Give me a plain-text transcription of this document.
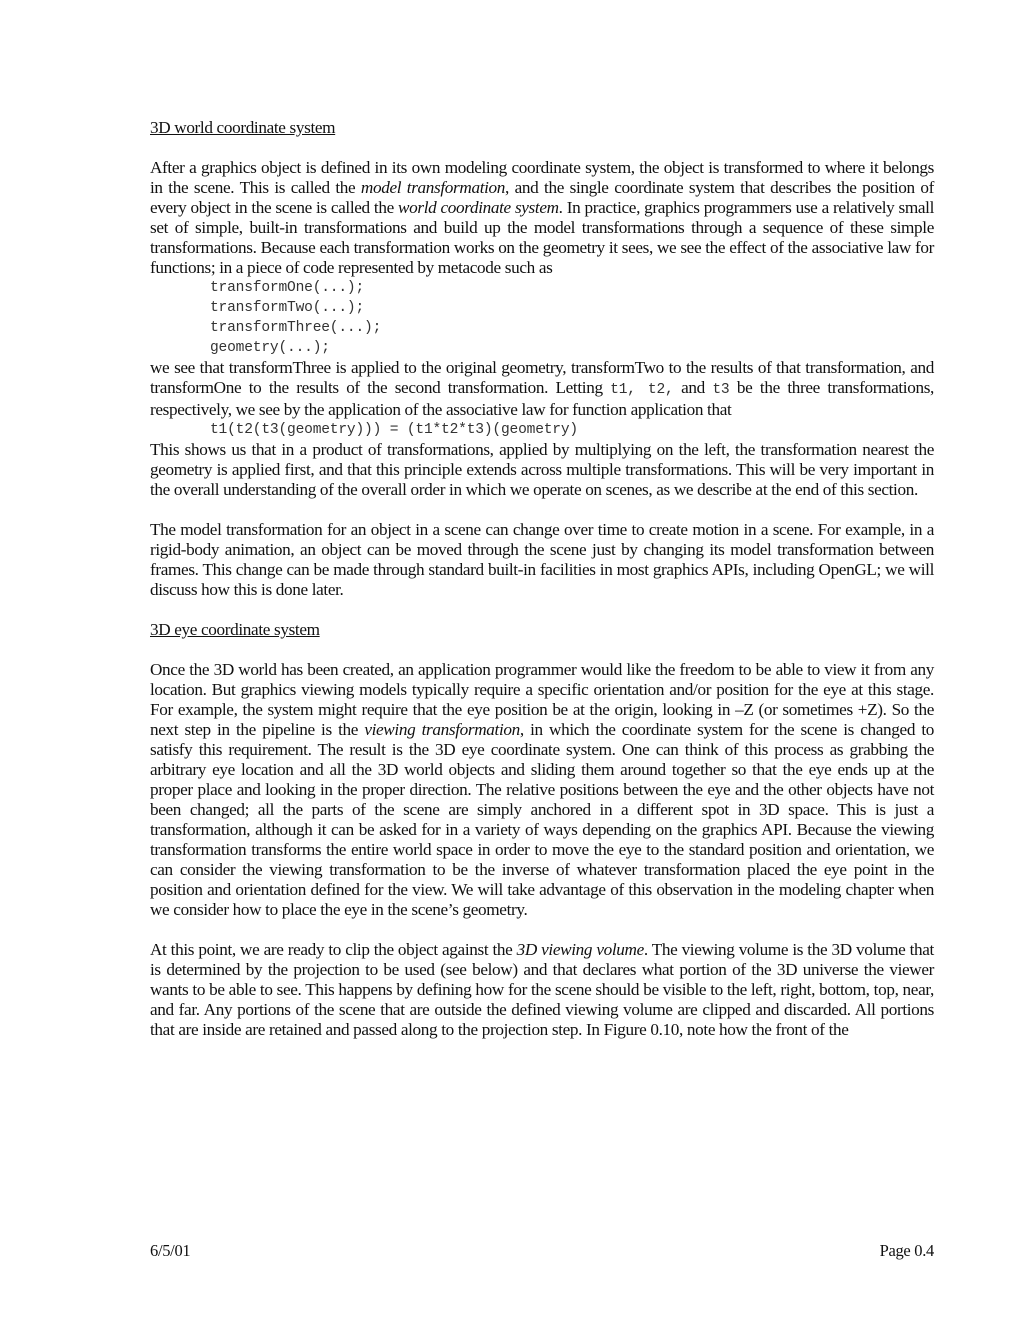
3D world coordinate system

After a graphics object is defined in its own modeling coordinate system, the object is transformed to where it belongs in the scene. This is called the model transformation, and the single coordinate system that describes the position of every object in the scene is called the world coordinate system. In practice, graphics programmers use a relatively small set of simple, built-in transformations and build up the model transformations through a sequence of these simple transformations. Because each transformation works on the geometry it sees, we see the effect of the associative law for functions; in a piece of code represented by metacode such as

transformOne(...);
transformTwo(...);
transformThree(...);
geometry(...);

we see that transformThree is applied to the original geometry, transformTwo to the results of that transformation, and transformOne to the results of the second transformation. Letting t1, t2, and t3 be the three transformations, respectively, we see by the application of the associative law for function application that

t1(t2(t3(geometry))) = (t1*t2*t3)(geometry)

This shows us that in a product of transformations, applied by multiplying on the left, the transformation nearest the geometry is applied first, and that this principle extends across multiple transformations. This will be very important in the overall understanding of the overall order in which we operate on scenes, as we describe at the end of this section.

The model transformation for an object in a scene can change over time to create motion in a scene. For example, in a rigid-body animation, an object can be moved through the scene just by changing its model transformation between frames. This change can be made through standard built-in facilities in most graphics APIs, including OpenGL; we will discuss how this is done later.

3D eye coordinate system

Once the 3D world has been created, an application programmer would like the freedom to be able to view it from any location. But graphics viewing models typically require a specific orientation and/or position for the eye at this stage. For example, the system might require that the eye position be at the origin, looking in –Z (or sometimes +Z). So the next step in the pipeline is the viewing transformation, in which the coordinate system for the scene is changed to satisfy this requirement. The result is the 3D eye coordinate system. One can think of this process as grabbing the arbitrary eye location and all the 3D world objects and sliding them around together so that the eye ends up at the proper place and looking in the proper direction. The relative positions between the eye and the other objects have not been changed; all the parts of the scene are simply anchored in a different spot in 3D space. This is just a transformation, although it can be asked for in a variety of ways depending on the graphics API. Because the viewing transformation transforms the entire world space in order to move the eye to the standard position and orientation, we can consider the viewing transformation to be the inverse of whatever transformation placed the eye point in the position and orientation defined for the view. We will take advantage of this observation in the modeling chapter when we consider how to place the eye in the scene’s geometry.

At this point, we are ready to clip the object against the 3D viewing volume. The viewing volume is the 3D volume that is determined by the projection to be used (see below) and that declares what portion of the 3D universe the viewer wants to be able to see. This happens by defining how for the scene should be visible to the left, right, bottom, top, near, and far. Any portions of the scene that are outside the defined viewing volume are clipped and discarded. All portions that are inside are retained and passed along to the projection step. In Figure 0.10, note how the front of the

6/5/01	Page 0.4
